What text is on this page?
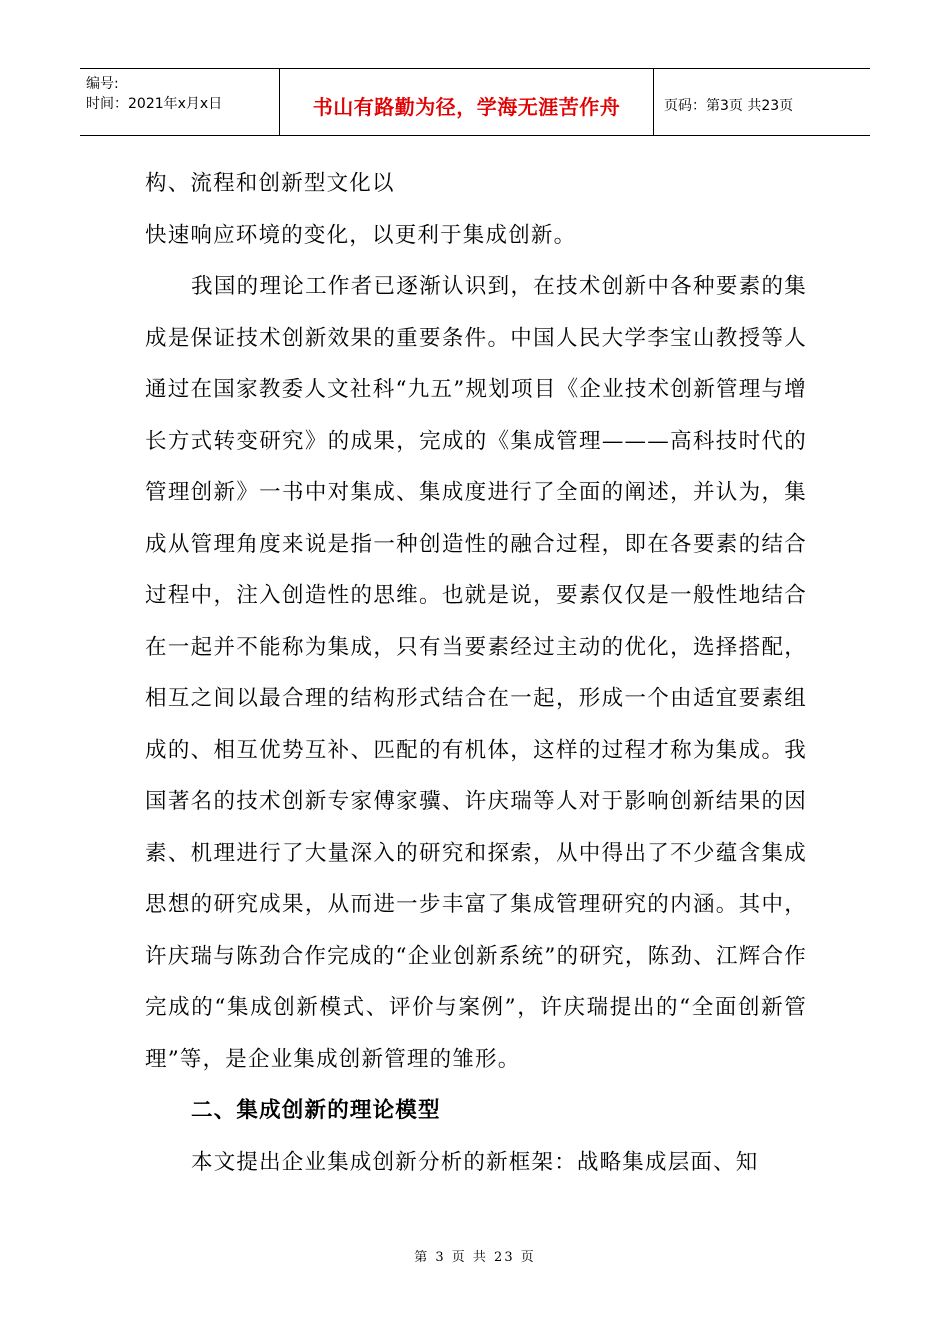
编号:
时间：2021年x月x日	书山有路勤为径，学海无涯苦作舟	页码：第3页 共23页

构、流程和创新型文化以

快速响应环境的变化，以更利于集成创新。

我国的理论工作者已逐渐认识到，在技术创新中各种要素的集成是保证技术创新效果的重要条件。中国人民大学李宝山教授等人通过在国家教委人文社科“九五”规划项目《企业技术创新管理与增长方式转变研究》的成果，完成的《集成管理———高科技时代的管理创新》一书中对集成、集成度进行了全面的阐述，并认为，集成从管理角度来说是指一种创造性的融合过程，即在各要素的结合过程中，注入创造性的思维。也就是说，要素仅仅是一般性地结合在一起并不能称为集成，只有当要素经过主动的优化，选择搭配，相互之间以最合理的结构形式结合在一起，形成一个由适宜要素组成的、相互优势互补、匹配的有机体，这样的过程才称为集成。我国著名的技术创新专家傅家骥、许庆瑞等人对于影响创新结果的因素、机理进行了大量深入的研究和探索，从中得出了不少蕴含集成思想的研究成果，从而进一步丰富了集成管理研究的内涵。其中，许庆瑞与陈劲合作完成的“企业创新系统”的研究，陈劲、江辉合作完成的“集成创新模式、评价与案例”，许庆瑞提出的“全面创新管理”等，是企业集成创新管理的雏形。

二、集成创新的理论模型

本文提出企业集成创新分析的新框架：战略集成层面、知

第 3 页 共 23 页
